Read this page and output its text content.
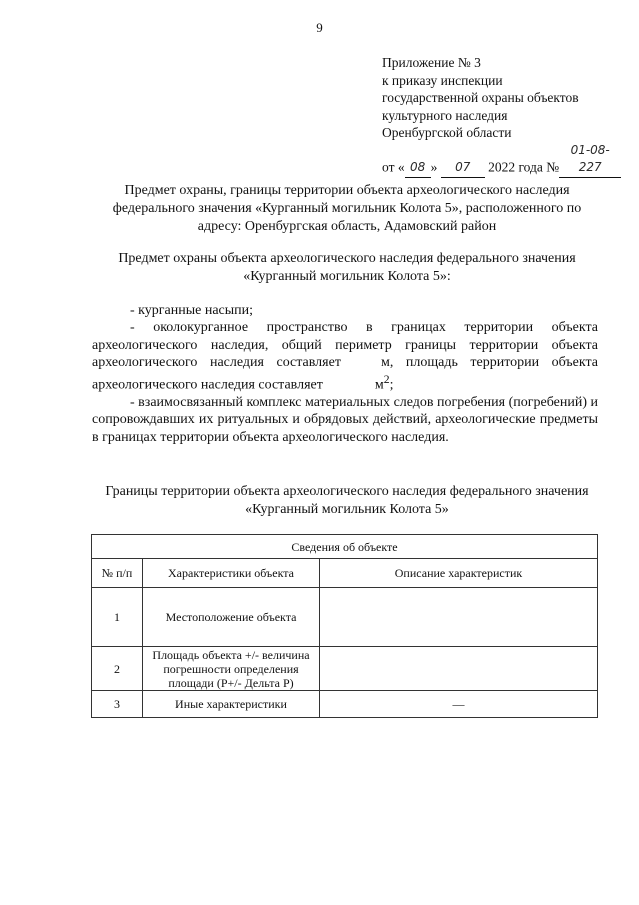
9
Приложение № 3
к приказу инспекции
государственной охраны объектов
культурного наследия
Оренбургской области
от « 08 » 07 2022 года №01-08-227
Предмет охраны, границы территории объекта археологического наследия федерального значения «Курганный могильник Колота 5», расположенного по адресу: Оренбургская область, Адамовский район
Предмет охраны объекта археологического наследия федерального значения «Курганный могильник Колота 5»:

- курганные насыпи;

- околокурганное пространство в границах территории объекта археологического наследия, общий периметр границы территории объекта археологического наследия составляет	м, площадь территории объекта археологического наследия составляет	$м^2$;

- взаимосвязанный комплекс материальных следов погребения (погребений) и сопровождавших их ритуальных и обрядовых действий, археологические предметы в границах территории объекта археологического наследия.

Границы территории объекта археологического наследия федерального значения «Курганный могильник Колота 5»
Сведения об объекте		
№ п/п	Характеристики объекта	Описание характеристик
1	Местоположение объекта	
2	Площадь объекта +/- величина погрешности определения площади (P+/- Дельта P)	
3	Иные характеристики	—
